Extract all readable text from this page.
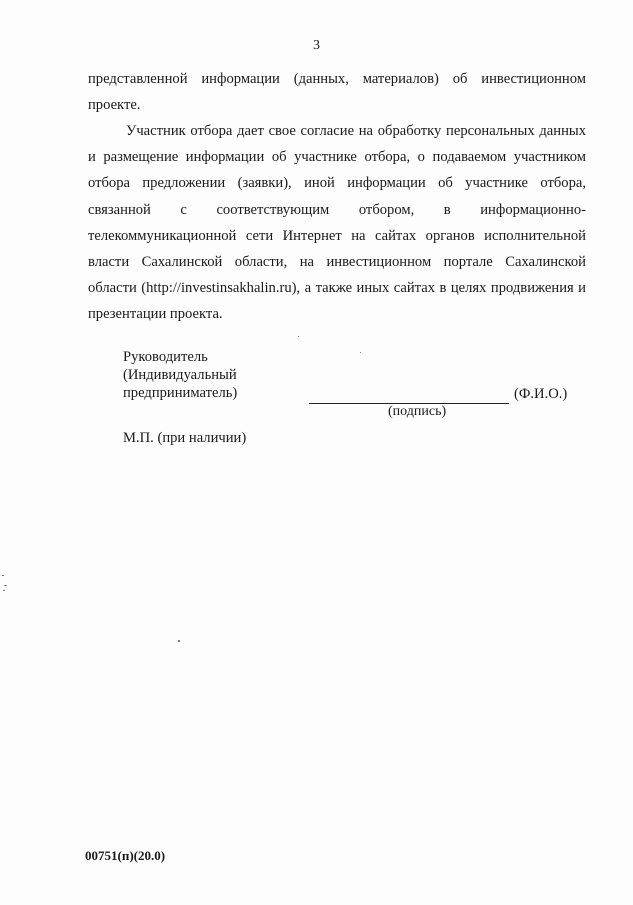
3

представленной информации (данных, материалов) об инвестиционном
проекте.

Участник отбора дает свое согласие на обработку персональных данных
и размещение информации об участнике отбора, о подаваемом участником
отбора предложении (заявки), иной информации об участнике отбора,
связанной с соответствующим отбором, в информационно-
телекоммуникационной сети Интернет на сайтах органов исполнительной
власти Сахалинской области, на инвестиционном портале Сахалинской
области (http://investinsakhalin.ru), а также иных сайтах в целях продвижения и
презентации проекта.

Руководитель
(Индивидуальный
предприниматель)	(Ф.И.О.)
(подпись)
М.П. (при наличии)
00751(п)(20.0)
